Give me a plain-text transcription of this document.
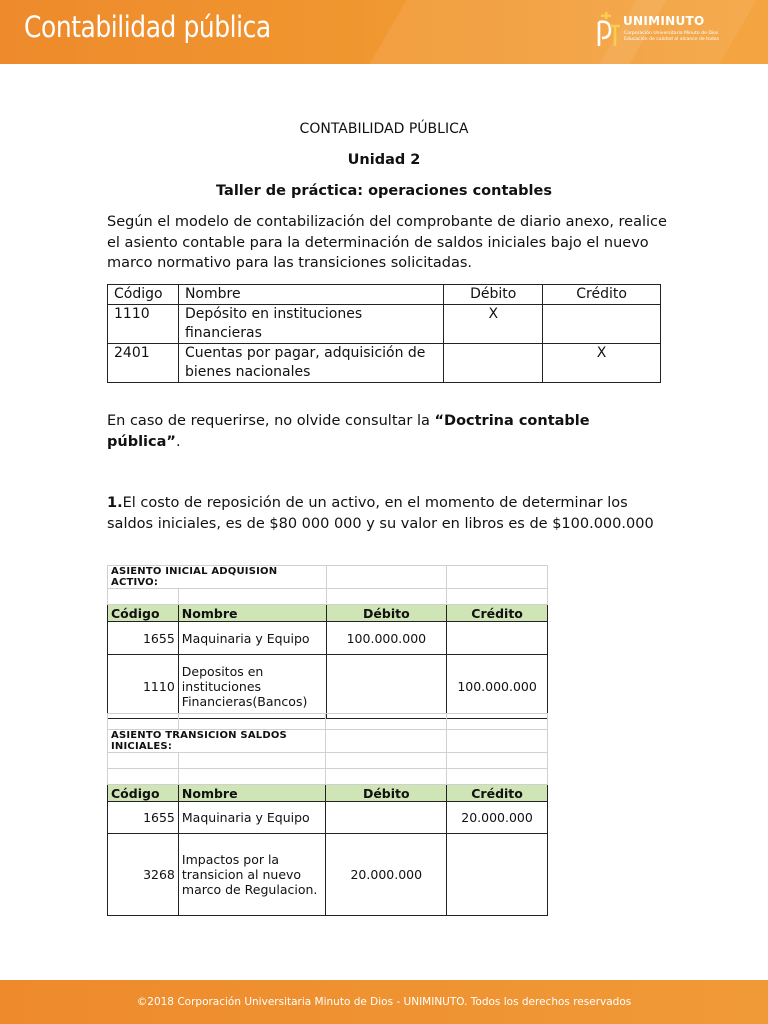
Contabilidad pública	UNIMINUTO
Corporación Universitaria Minuto de Dios
Educación de calidad al alcance de todos
CONTABILIDAD PÚBLICA
Unidad 2
Taller de práctica: operaciones contables
Según el modelo de contabilización del comprobante de diario anexo, realice el asiento contable para la determinación de saldos iniciales bajo el nuevo marco normativo para las transiciones solicitadas.
Código	Nombre	Débito	Crédito
1110	Depósito en instituciones financieras	X	
2401	Cuentas por pagar, adquisición de bienes nacionales		X
En caso de requerirse, no olvide consultar la “Doctrina contable pública”.
1.El costo de reposición de un activo, en el momento de determinar los saldos iniciales, es de $80 000 000 y su valor en libros es de $100.000.000
ASIENTO INICIAL ADQUISION ACTIVO:			

Código	Nombre	Débito	Crédito
1655	Maquinaria y Equipo	100.000.000	
1110	Depositos en instituciones Financieras(Bancos)		100.000.000

ASIENTO TRANSICION SALDOS INICIALES:			

Código	Nombre	Débito	Crédito
1655	Maquinaria y Equipo		20.000.000
3268	Impactos por la transicion al nuevo marco de Regulacion.	20.000.000	
©2018 Corporación Universitaria Minuto de Dios - UNIMINUTO. Todos los derechos reservados
